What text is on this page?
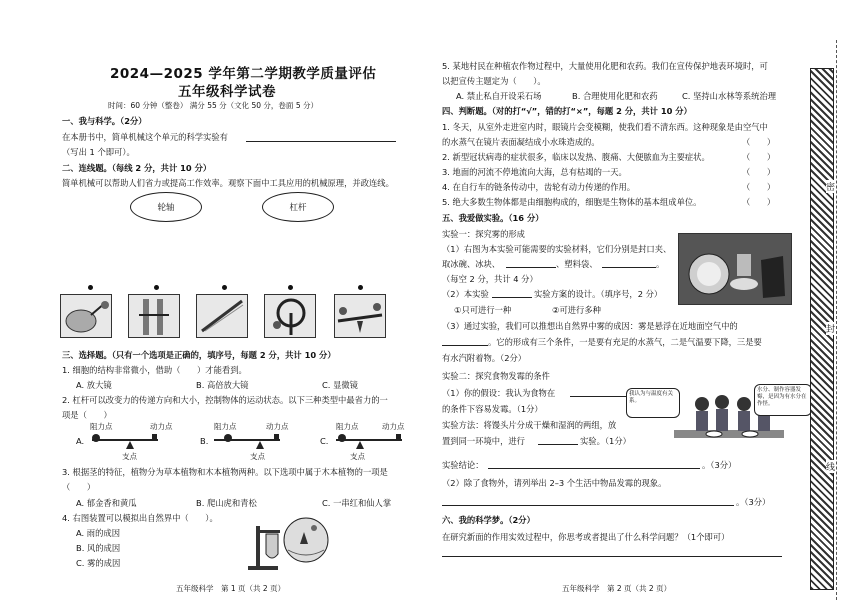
2024—2025 学年第二学期教学质量评估
五年级科学试卷
时间：60 分钟（整卷） 满分 55 分（文化 50 分，卷面 5 分）
一、我与科学。（2分）
在本册书中，简单机械这个单元的科学实验有
（写出 1 个即可）。
二、连线题。（每线 2 分，共计 10 分）
简单机械可以帮助人们省力或提高工作效率。观察下面中工具应用的机械原理，并政连线。
轮轴	杠杆
三、选择题。（只有一个选项是正确的，填序号，每题 2 分，共计 10 分）
1. 细胞的结构非常微小，借助（　　）才能看到。
A. 放大镜	B. 高倍放大镜	C. 显微镜
2. 杠杆可以改变力的传递方向和大小，控制物体的运动状态。以下三种类型中最省力的一
项是（　　）
A.
阻力点	动力点
支点
B.
阻力点	动力点
支点
C.
阻力点	动力点
支点
3. 根据茎的特征，植物分为草本植物和木本植物两种。以下选项中属于木本植物的一项是
（　　）
A. 郁金香和黄瓜	B. 爬山虎和青松	C. 一串红和仙人掌
4. 右图装置可以模拟出自然界中（　　）。
A. 雨的成因
B. 风的成因
C. 雾的成因
五年级科学　第 1 页（共 2 页）
5. 某地村民在种植农作物过程中，大量使用化肥和农药。我们在宣传保护地表环境时，可
以把宣传主题定为（　　）。
A. 禁止私自开设采石场	B. 合理使用化肥和农药	C. 坚持山水林等系统治理
四、判断题。（对的打“√”，错的打“×”，每题 2 分，共计 10 分）
1. 冬天，从室外走进室内时，眼镜片会变模糊，使我们看不清东西。这种现象是由空气中
的水蒸气在镜片表面凝结成小水珠造成的。	（　　）
2. 新型冠状病毒的症状很多，临床以发热、腹痛、大便脓血为主要症状。	（　　）
3. 地面的河流不停地流向大海，总有枯竭的一天。	（　　）
4. 在自行车的链条传动中，齿轮有动力传递的作用。	（　　）
5. 绝大多数生物体都是由细胞构成的，细胞是生物体的基本组成单位。	（　　）
五、我爱做实验。（16 分）
实验一：探究雾的形成
（1）右图为本实验可能需要的实验材料，它们分别是封口夹、
取冰碗、冰块、	、塑料袋、	。
（每空 2 分，共计 4 分）
（2）本实验	实验方案的设计。（填序号，2 分）
①只可进行一种	②可进行多种
（3）通过实验，我们可以推想出自然界中雾的成因：雾是悬浮在近地面空气中的
。它的形成有三个条件，一是要有充足的水蒸气，二是气温要下降，三是要
有水汽附着物。（2分）
实验二：探究食物发霉的条件
（1）你的假设：我认为食物在
的条件下容易发霉。（1分）
实验方法：将馒头片分成干燥和湿润的两组，放
置到同一环境中，进行	实验。（1分）
实验结论：	。（3分）
我认为与温度有关系。
水分、制作容器发霉，是因为有水分在作怪。
（2）除了食物外，请列举出 2–3 个生活中物品发霉的现象。
。（3分）
六、我的科学梦。（2分）
在研究新面的作用实效过程中，你思考或者提出了什么科学问题？（1个即可）
五年级科学　第 2 页（共 2 页）
密
封
线
